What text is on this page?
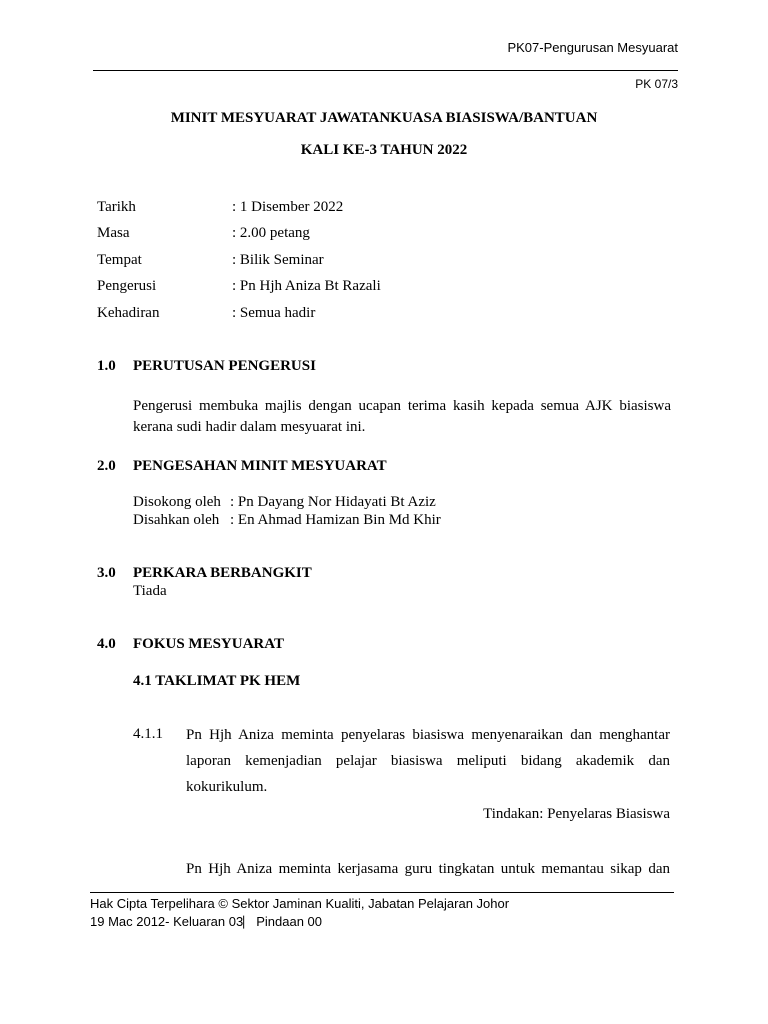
PK07-Pengurusan Mesyuarat
PK 07/3
MINIT MESYUARAT JAWATANKUASA BIASISWA/BANTUAN
KALI KE-3 TAHUN 2022
Tarikh	: 1 Disember 2022
Masa	: 2.00 petang
Tempat	: Bilik Seminar
Pengerusi	: Pn Hjh Aniza Bt Razali
Kehadiran	: Semua hadir
1.0 PERUTUSAN PENGERUSI
Pengerusi membuka majlis dengan ucapan terima kasih kepada semua AJK biasiswa kerana sudi hadir dalam mesyuarat ini.
2.0 PENGESAHAN MINIT MESYUARAT
Disokong oleh : Pn Dayang Nor Hidayati Bt Aziz
Disahkan oleh : En Ahmad Hamizan Bin Md Khir
3.0 PERKARA BERBANGKIT
Tiada
4.0 FOKUS MESYUARAT
4.1 TAKLIMAT PK HEM
4.1.1 Pn Hjh Aniza meminta penyelaras biasiswa menyenaraikan dan menghantar laporan kemenjadian pelajar biasiswa meliputi bidang akademik dan kokurikulum.
Tindakan: Penyelaras Biasiswa
Pn Hjh Aniza meminta kerjasama guru tingkatan untuk memantau sikap dan
Hak Cipta Terpelihara © Sektor Jaminan Kualiti, Jabatan Pelajaran Johor
19 Mac 2012- Keluaran 03⎸Pindaan 00
